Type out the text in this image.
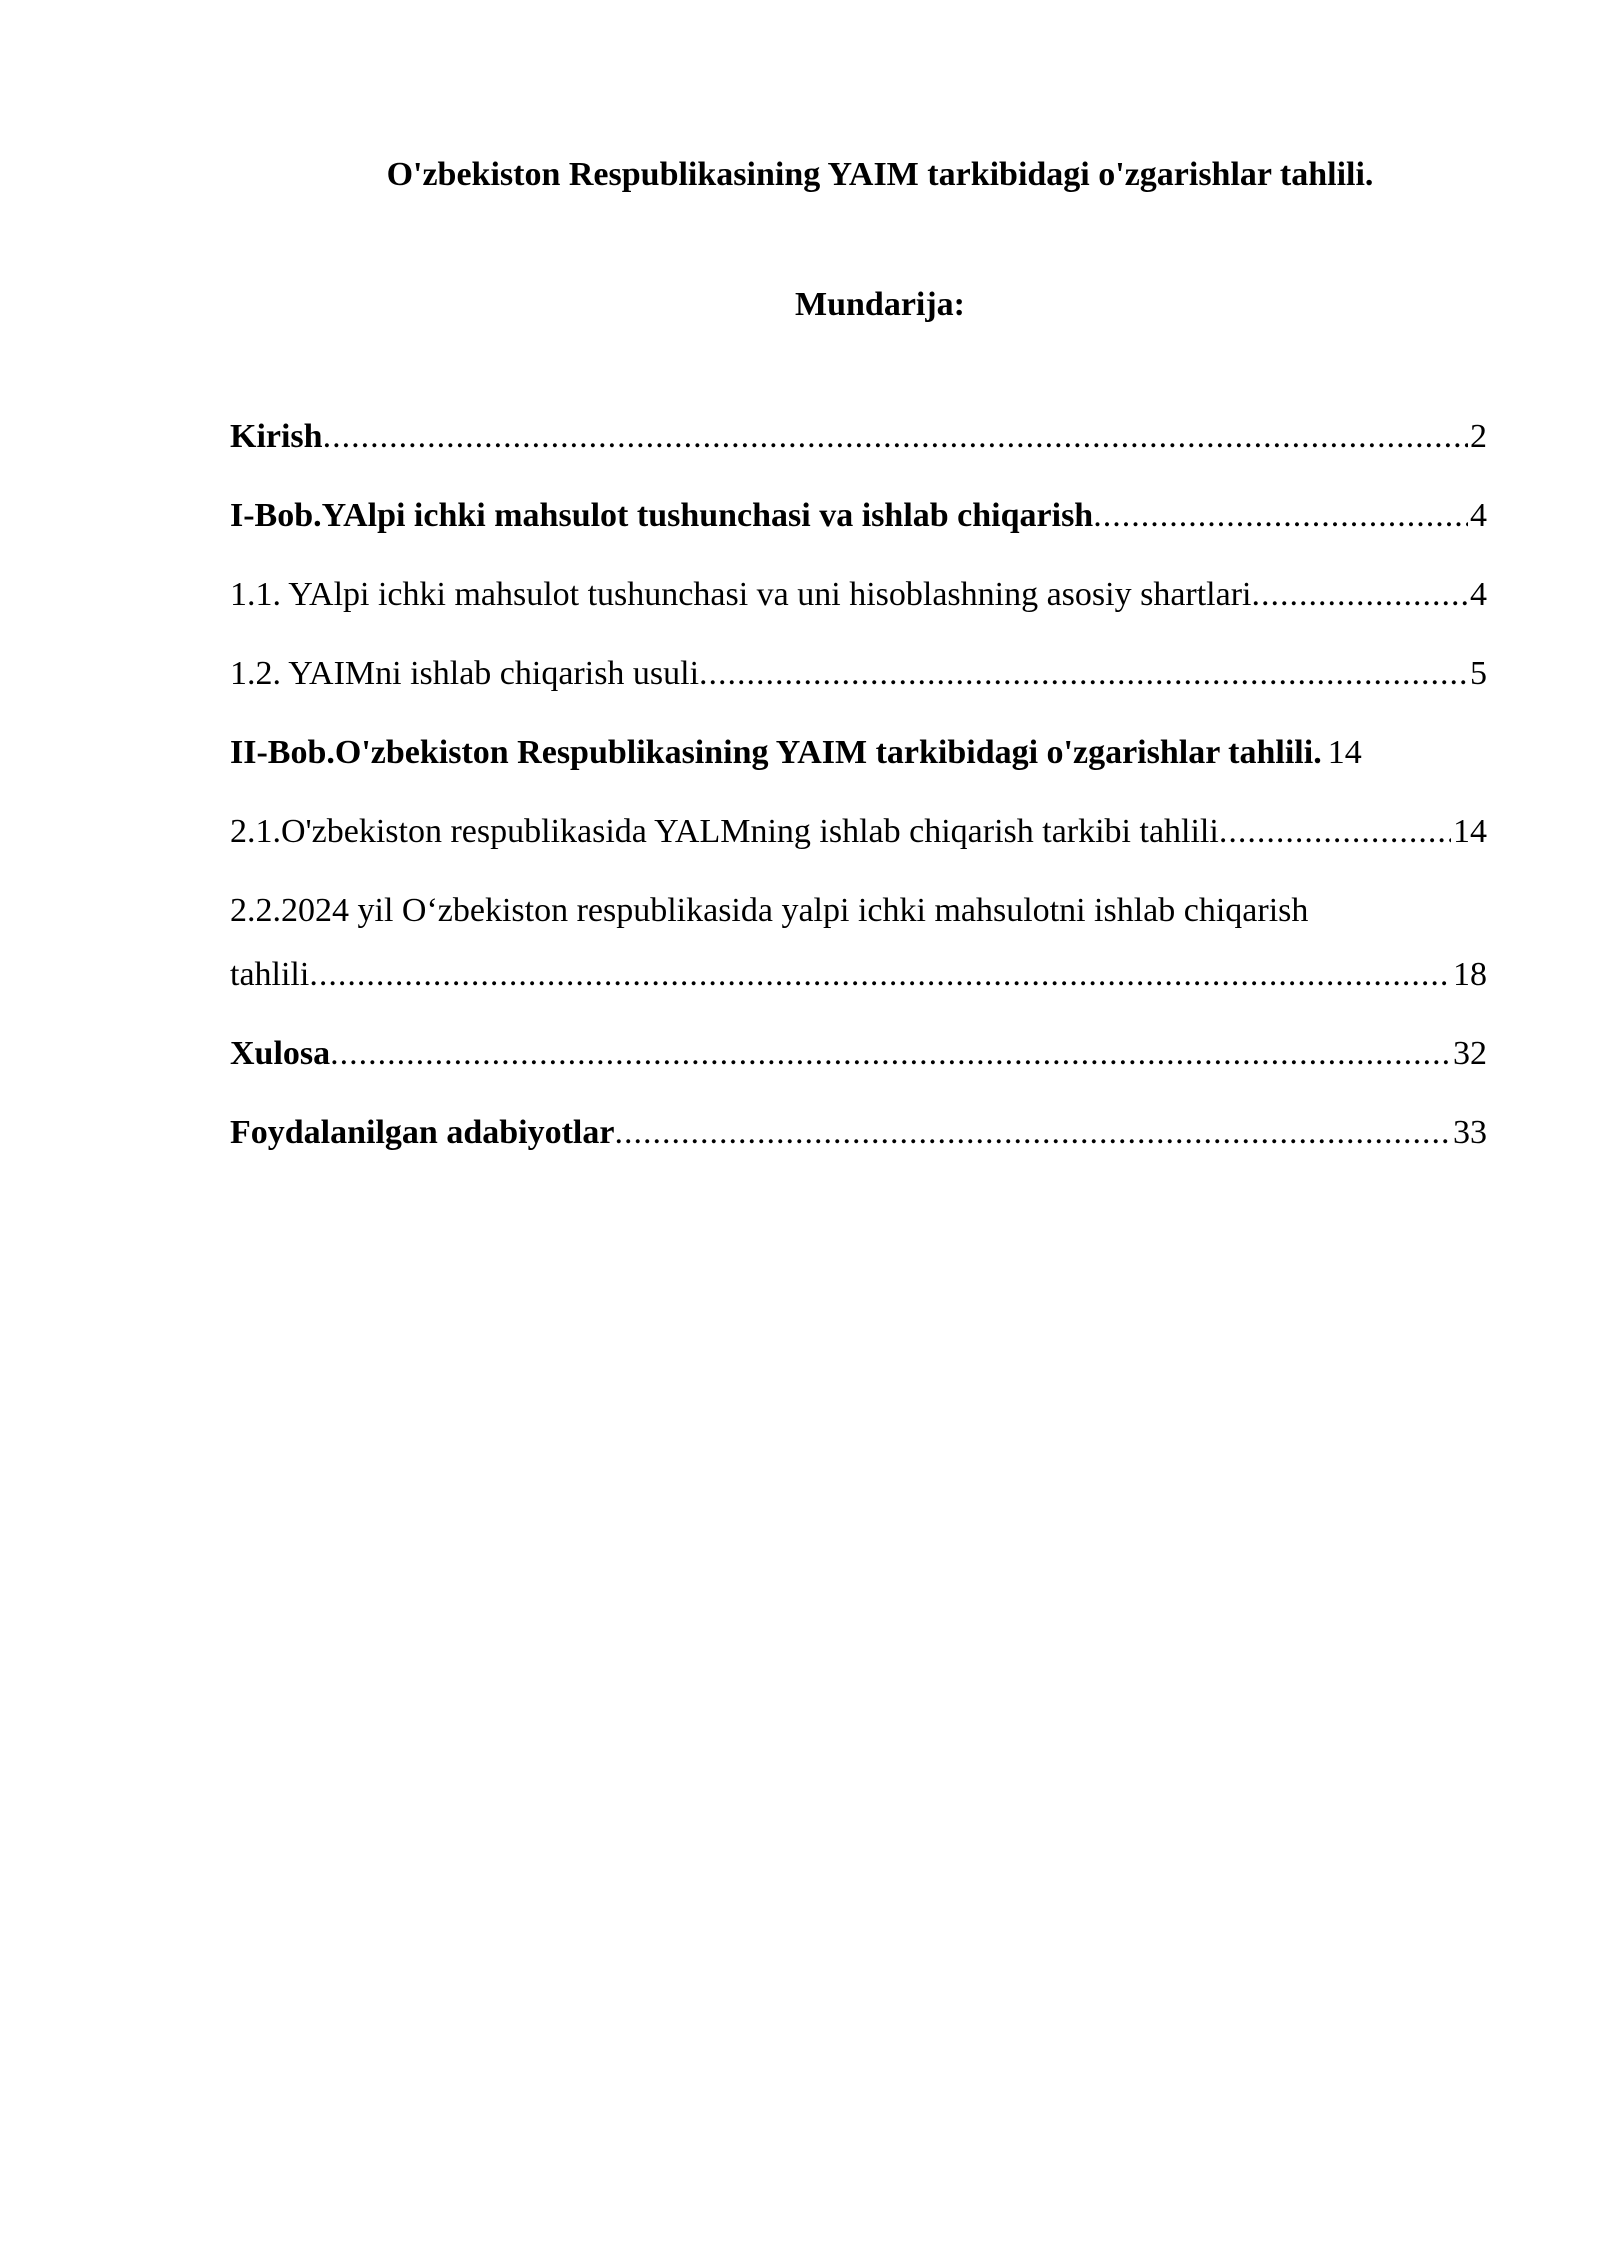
O'zbekiston Respublikasining YAIM tarkibidagi o'zgarishlar tahlili.
Mundarija:
Kirish .....	2
I-Bob.YAlpi ichki mahsulot tushunchasi va ishlab chiqarish .....	4
1.1. YAlpi ichki mahsulot tushunchasi va uni hisoblashning asosiy shartlari .....	4
1.2. YAIMni ishlab chiqarish usuli .....	5
II-Bob.O'zbekiston Respublikasining YAIM tarkibidagi o'zgarishlar tahlili. 14
2.1.O'zbekiston respublikasida YALMning ishlab chiqarish tarkibi tahlili .....	14
2.2.2024 yil O‘zbekiston respublikasida yalpi ichki mahsulotni ishlab chiqarish
tahlili .....	18
Xulosa .....	32
Foydalanilgan adabiyotlar .....	33
